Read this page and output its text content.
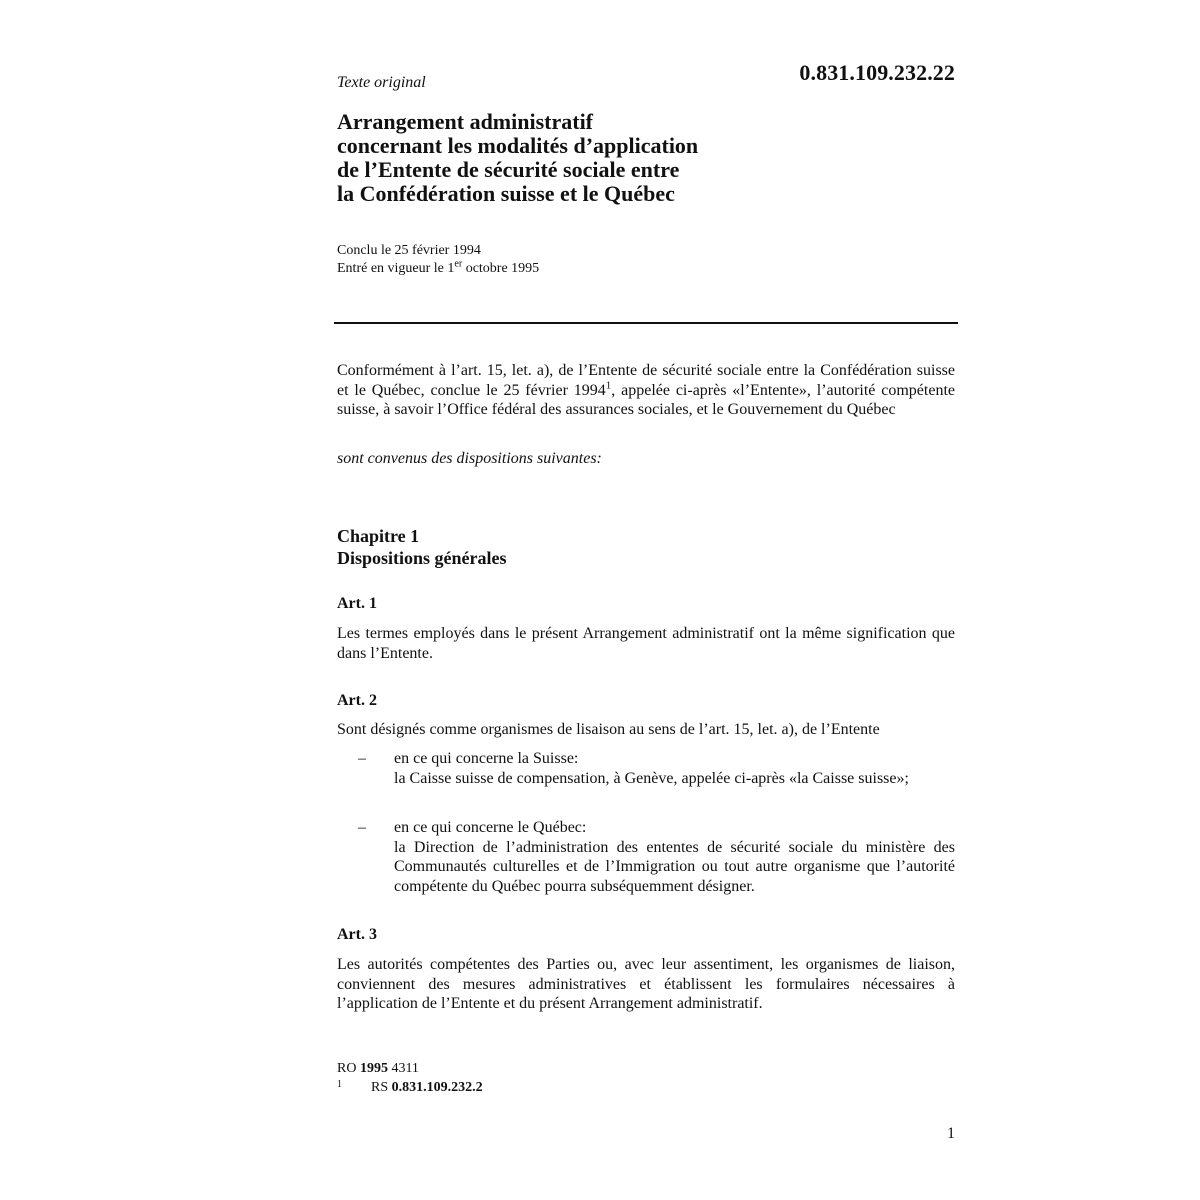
0.831.109.232.22
Texte original
Arrangement administratif
concernant les modalités d’application
de l’Entente de sécurité sociale entre
la Confédération suisse et le Québec
Conclu le 25 février 1994
Entré en vigueur le 1er octobre 1995

Conformément à l’art. 15, let. a), de l’Entente de sécurité sociale entre la Confédération suisse et le Québec, conclue le 25 février 1994$^1$, appelée ci-après «l’Entente», l’autorité compétente suisse, à savoir l’Office fédéral des assurances sociales, et le Gouvernement du Québec

sont convenus des dispositions suivantes:
Chapitre 1
Dispositions générales
Art. 1

Les termes employés dans le présent Arrangement administratif ont la même signification que dans l’Entente.

Art. 2

Sont désignés comme organismes de lisaison au sens de l’art. 15, let. a), de l’Entente

– en ce qui concerne la Suisse:
la Caisse suisse de compensation, à Genève, appelée ci-après «la Caisse suisse»;
– en ce qui concerne le Québec:
la Direction de l’administration des ententes de sécurité sociale du ministère des Communautés culturelles et de l’Immigration ou tout autre organisme que l’autorité compétente du Québec pourra subséquemment désigner.
Art. 3

Les autorités compétentes des Parties ou, avec leur assentiment, les organismes de liaison, conviennent des mesures administratives et établissent les formulaires nécessaires à l’application de l’Entente et du présent Arrangement administratif.

RO 1995 4311
1 RS 0.831.109.232.2
1
